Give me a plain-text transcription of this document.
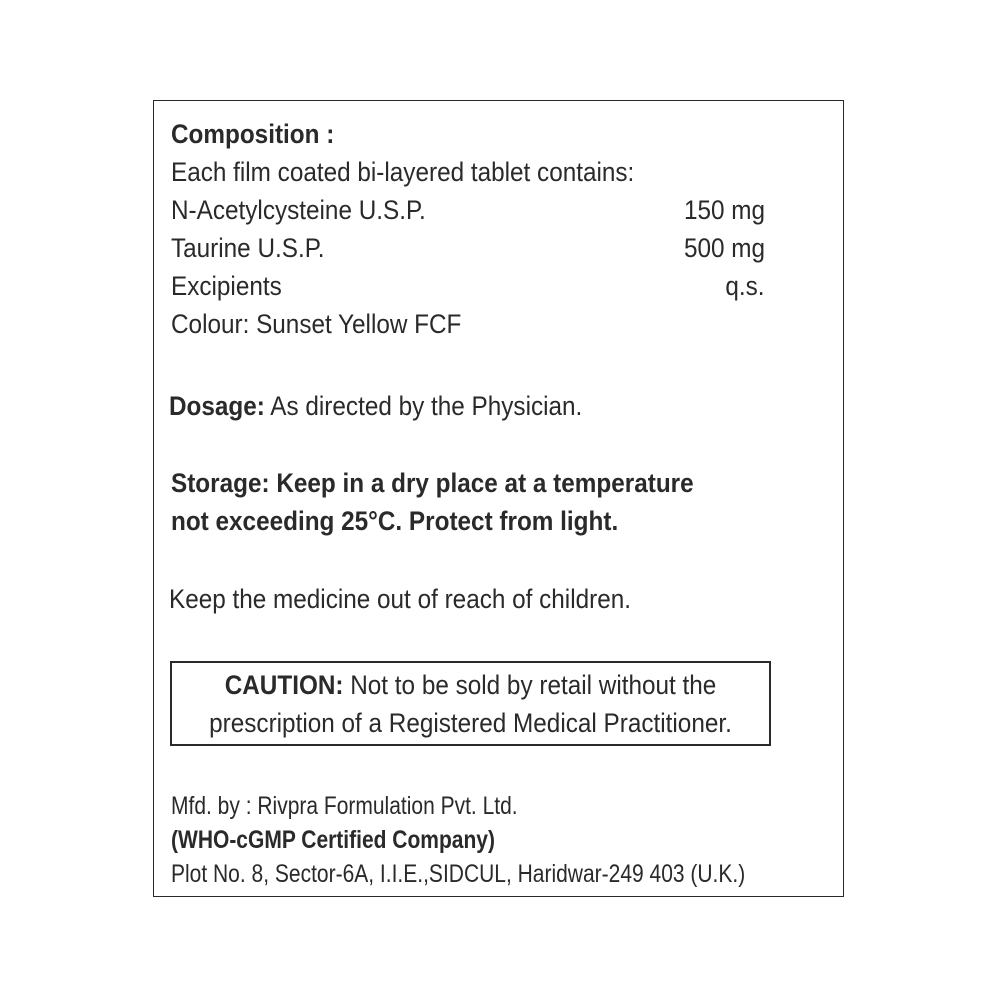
Composition :
Each film coated bi-layered tablet contains:
N-Acetylcysteine U.S.P.	150 mg
Taurine U.S.P.	500 mg
Excipients	q.s.
Colour: Sunset Yellow FCF
Dosage: As directed by the Physician.
Storage: Keep in a dry place at a temperature
not exceeding 25°C. Protect from light.
Keep the medicine out of reach of children.
CAUTION: Not to be sold by retail without the
prescription of a Registered Medical Practitioner.
Mfd. by : Rivpra Formulation Pvt. Ltd.
(WHO-cGMP Certified Company)
Plot No. 8, Sector-6A, I.I.E.,SIDCUL, Haridwar-249 403 (U.K.)
